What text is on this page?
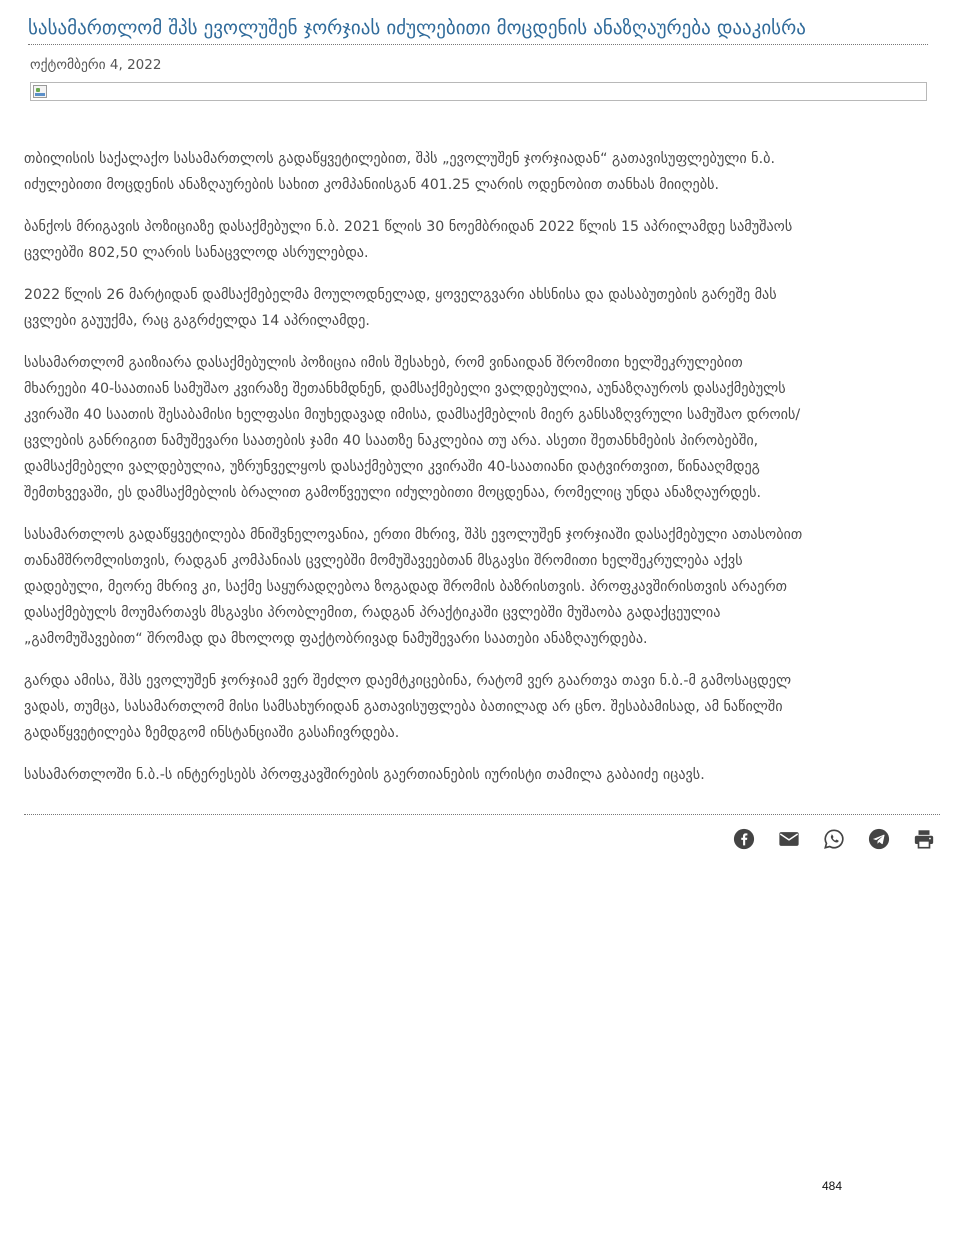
სასამართლომ შპს ევოლუშენ ჯორჯიას იძულებითი მოცდენის ანაზღაურება დააკისრა
ოქტომბერი 4, 2022

თბილისის საქალაქო სასამართლოს გადაწყვეტილებით, შპს „ევოლუშენ ჯორჯიადან“ გათავისუფლებული ნ.ბ.
იძულებითი მოცდენის ანაზღაურების სახით კომპანიისგან 401.25 ლარის ოდენობით თანხას მიიღებს.

ბანქოს მრიგავის პოზიციაზე დასაქმებული ნ.ბ. 2021 წლის 30 ნოემბრიდან 2022 წლის 15 აპრილამდე სამუშაოს
ცვლებში 802,50 ლარის სანაცვლოდ ასრულებდა.

2022 წლის 26 მარტიდან დამსაქმებელმა მოულოდნელად, ყოველგვარი ახსნისა და დასაბუთების გარეშე მას
ცვლები გაუუქმა, რაც გაგრძელდა 14 აპრილამდე.

სასამართლომ გაიზიარა დასაქმებულის პოზიცია იმის შესახებ, რომ ვინაიდან შრომითი ხელშეკრულებით
მხარეები 40-საათიან სამუშაო კვირაზე შეთანხმდნენ, დამსაქმებელი ვალდებულია, აუნაზღაუროს დასაქმებულს
კვირაში 40 საათის შესაბამისი ხელფასი მიუხედავად იმისა, დამსაქმებლის მიერ განსაზღვრული სამუშაო დროის/
ცვლების განრიგით ნამუშევარი საათების ჯამი 40 საათზე ნაკლებია თუ არა. ასეთი შეთანხმების პირობებში,
დამსაქმებელი ვალდებულია, უზრუნველყოს დასაქმებული კვირაში 40-საათიანი დატვირთვით, წინააღმდეგ
შემთხვევაში, ეს დამსაქმებლის ბრალით გამოწვეული იძულებითი მოცდენაა, რომელიც უნდა ანაზღაურდეს.

სასამართლოს გადაწყვეტილება მნიშვნელოვანია, ერთი მხრივ, შპს ევოლუშენ ჯორჯიაში დასაქმებული ათასობით
თანამშრომლისთვის, რადგან კომპანიას ცვლებში მომუშავეებთან მსგავსი შრომითი ხელშეკრულება აქვს
დადებული, მეორე მხრივ კი, საქმე საყურადღებოა ზოგადად შრომის ბაზრისთვის. პროფკავშირისთვის არაერთ
დასაქმებულს მოუმართავს მსგავსი პრობლემით, რადგან პრაქტიკაში ცვლებში მუშაობა გადაქცეულია
„გამომუშავებით“ შრომად და მხოლოდ ფაქტობრივად ნამუშევარი საათები ანაზღაურდება.

გარდა ამისა, შპს ევოლუშენ ჯორჯიამ ვერ შეძლო დაემტკიცებინა, რატომ ვერ გაართვა თავი ნ.ბ.-მ გამოსაცდელ
ვადას, თუმცა, სასამართლომ მისი სამსახურიდან გათავისუფლება ბათილად არ ცნო. შესაბამისად, ამ ნაწილში
გადაწყვეტილება ზემდგომ ინსტანციაში გასაჩივრდება.

სასამართლოში ნ.ბ.-ს ინტერესებს პროფკავშირების გაერთიანების იურისტი თამილა გაბაიძე იცავს.

484
